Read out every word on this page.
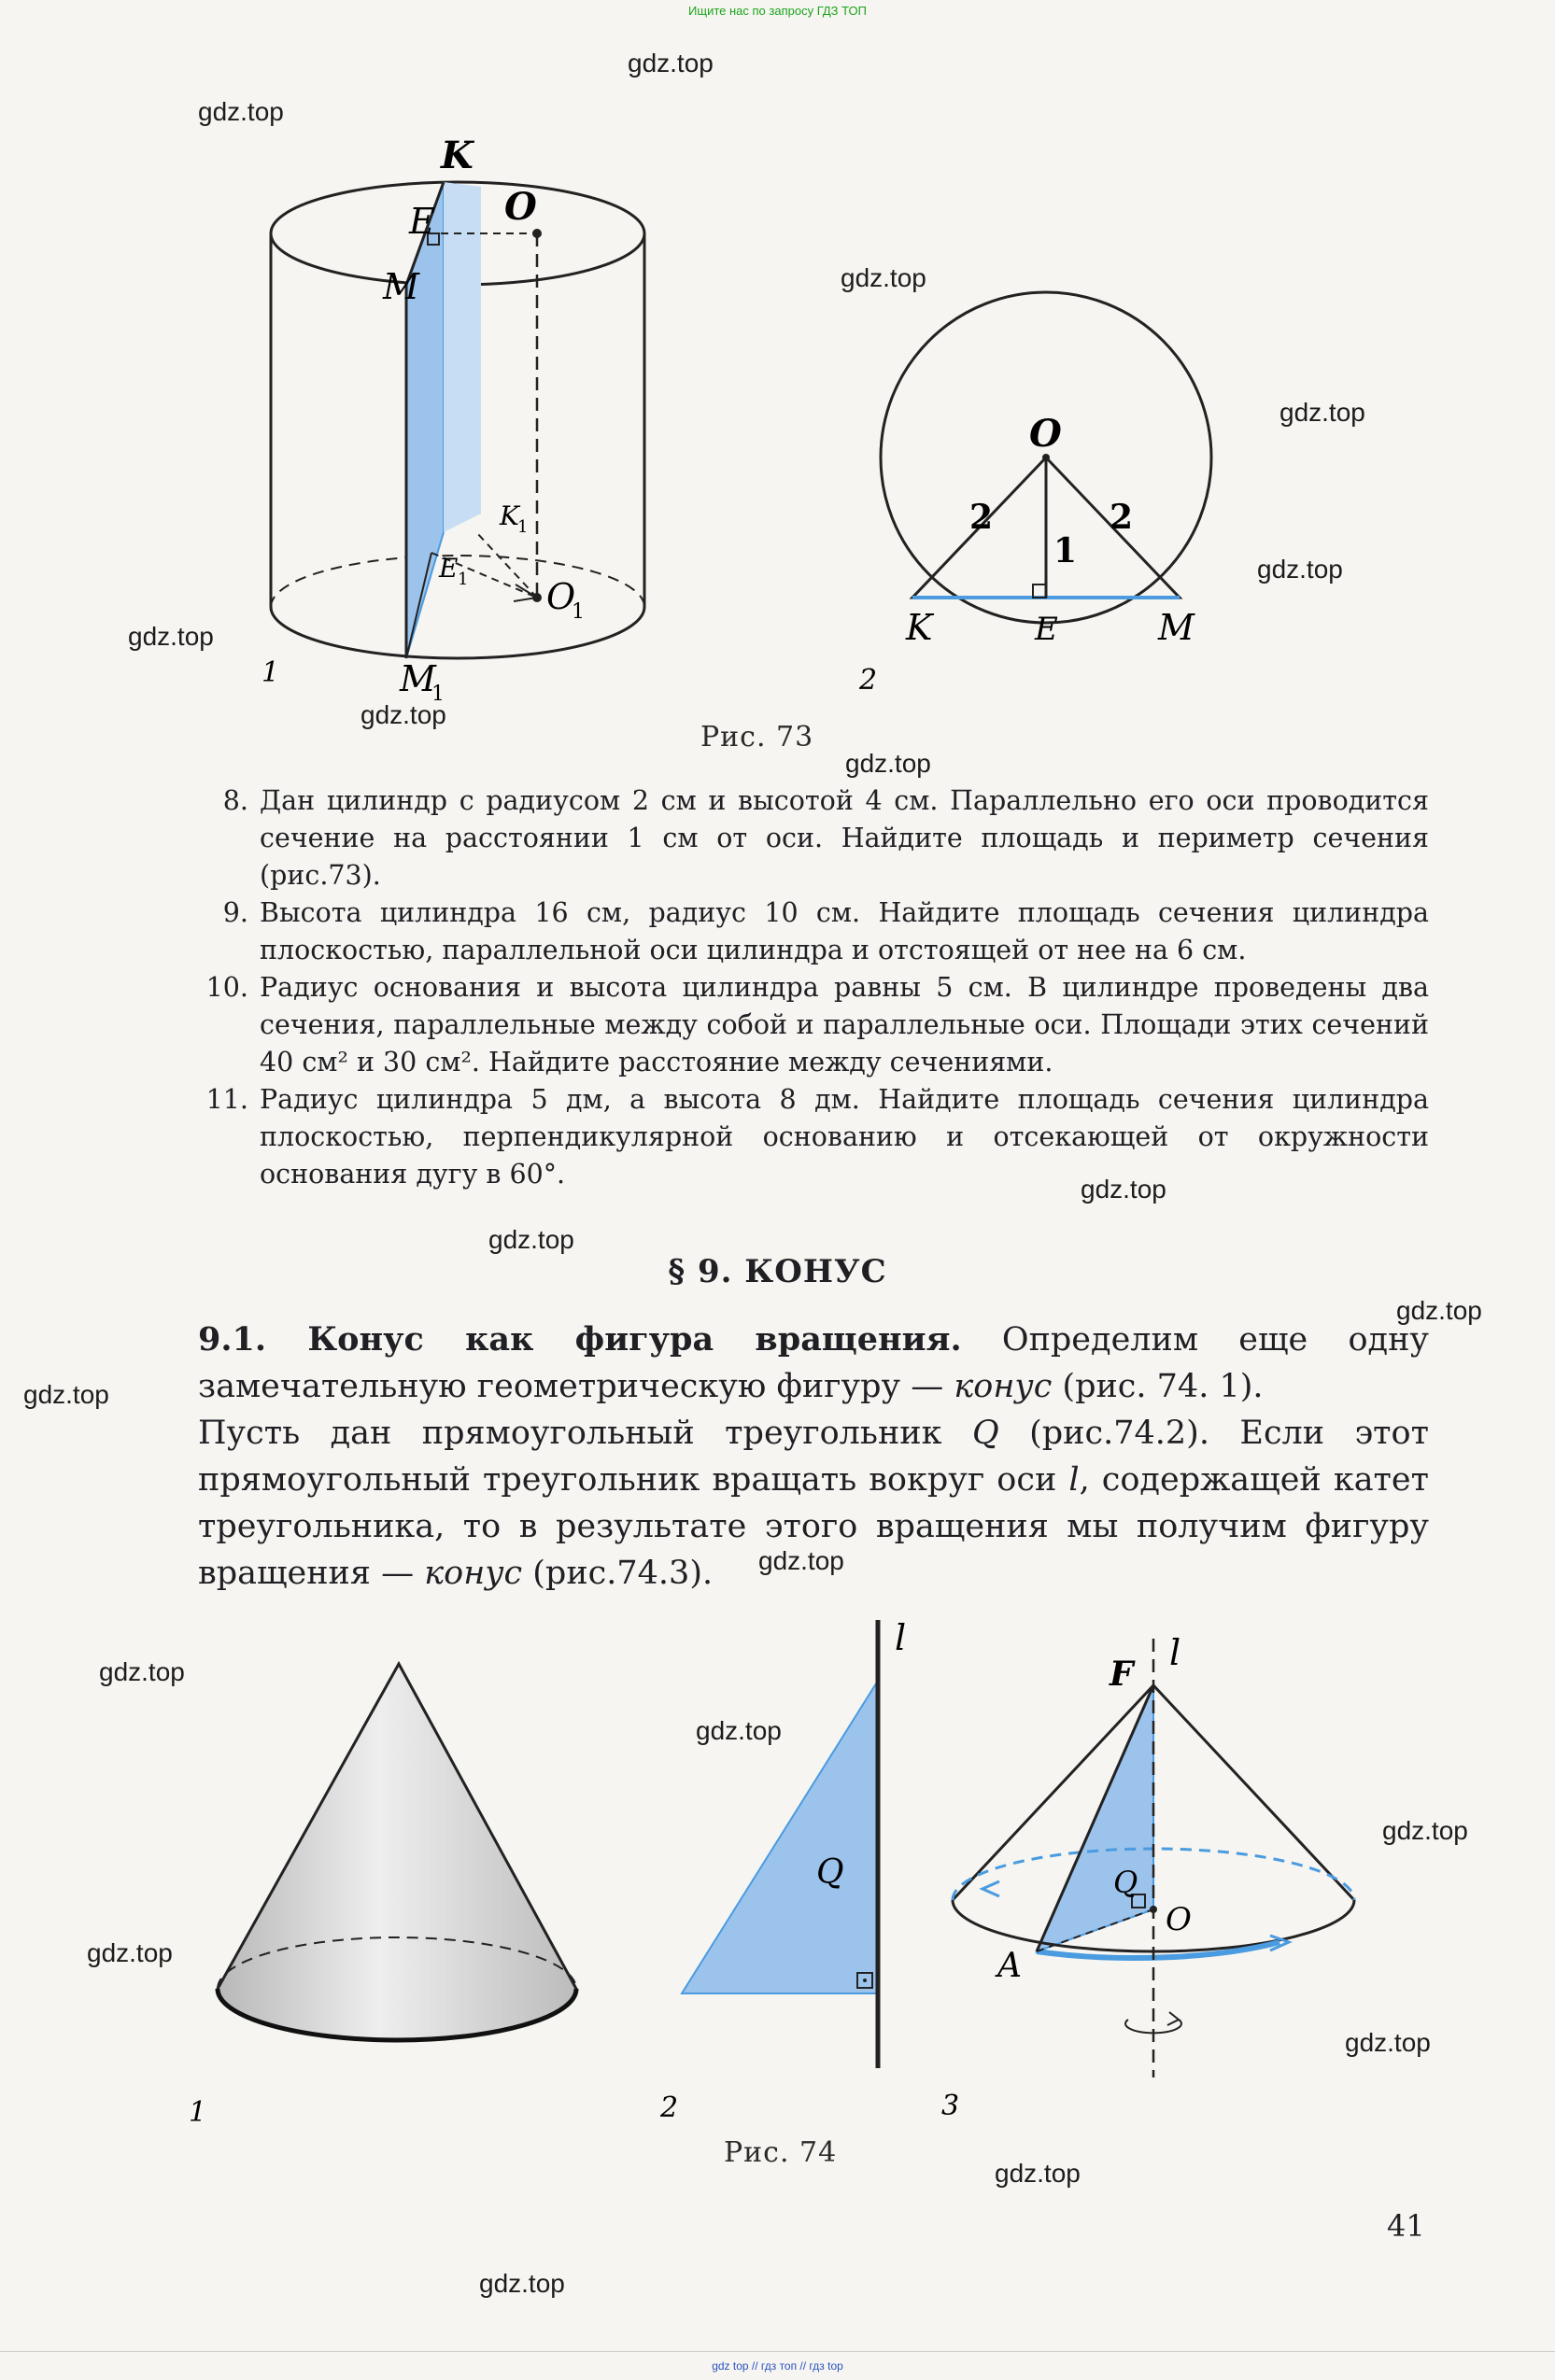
Ищите нас по запросу ГДЗ ТОП
gdz top // гдз топ // гдз top
gdz.top
gdz.top
gdz.top
gdz.top
gdz.top
gdz.top
gdz.top
gdz.top
gdz.top
gdz.top
gdz.top
gdz.top
gdz.top
gdz.top
gdz.top
gdz.top
gdz.top
gdz.top
gdz.top
gdz.top
K
O
E
M
K
1
E 1 O
1
M
1
1
O
2	2
1
K	E	M
2
Рис. 73
8. Дан цилиндр с радиусом 2 см и высотой 4 см. Параллельно его оси проводится сечение на расстоянии 1 см от оси. Найдите площадь и периметр сечения (рис.73).
9. Высота цилиндра 16 см, радиус 10 см. Найдите площадь сечения цилиндра плоскостью, параллельной оси цилиндра и отстоящей от нее на 6 см.
10. Радиус основания и высота цилиндра равны 5 см. В цилиндре проведены два сечения, параллельные между собой и параллельные оси. Площади этих сечений 40 см² и 30 см². Найдите расстояние между сечениями.
11. Радиус цилиндра 5 дм, а высота 8 дм. Найдите площадь сечения цилиндра плоскостью, перпендикулярной основанию и отсекающей от окружности основания дугу в 60°.
§ 9. КОНУС

9.1. Конус как фигура вращения. Определим еще одну замечательную геометрическую фигуру — конус (рис. 74. 1).

Пусть дан прямоугольный треугольник Q (рис.74.2). Если этот прямоугольный треугольник вращать вокруг оси l, содержащей катет треугольника, то в результате этого вращения мы получим фигуру вращения — конус (рис.74.3).

1
l
Q
2
F
l
Q
O
A
3
Рис. 74
41
